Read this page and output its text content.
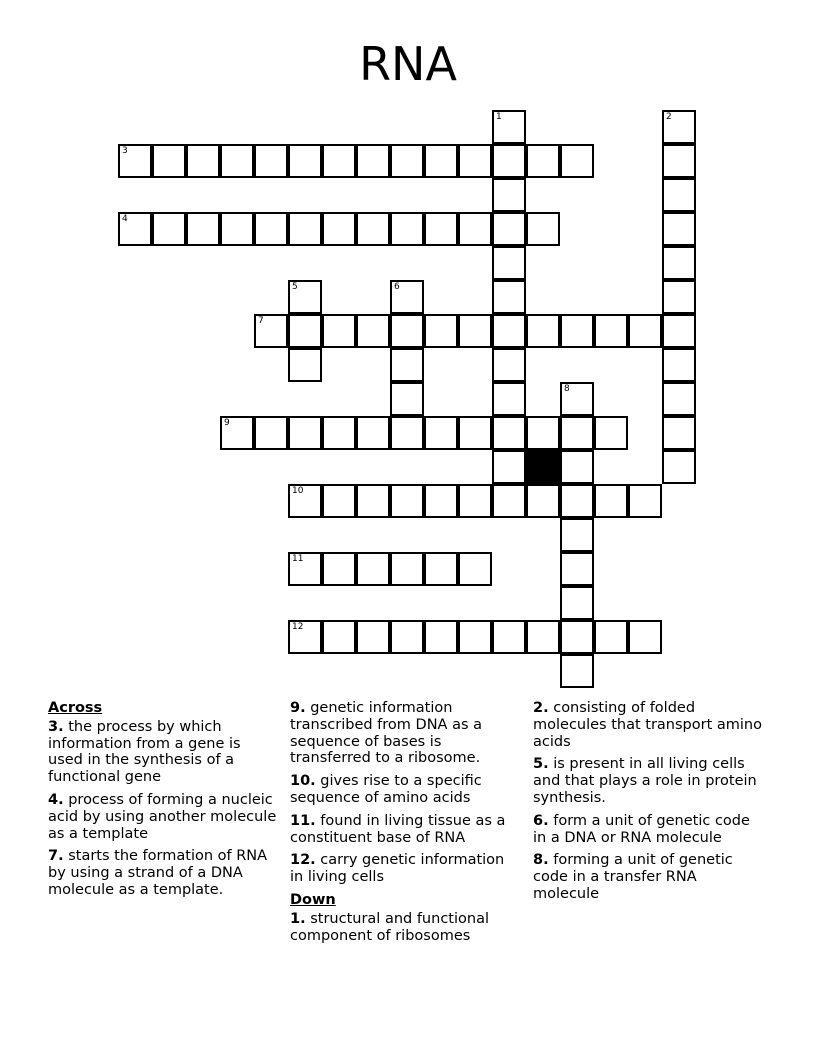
RNA
1	2
3
4
5	6
7
8
9
10
11
12
Across
3. the process by which information from a gene is used in the synthesis of a functional gene
4. process of forming a nucleic acid by using another molecule as a template
7. starts the formation of RNA by using a strand of a DNA molecule as a template.
9. genetic information transcribed from DNA as a sequence of bases is transferred to a ribosome.
10. gives rise to a specific sequence of amino acids
11. found in living tissue as a constituent base of RNA
12. carry genetic information in living cells
Down
1. structural and functional component of ribosomes
2. consisting of folded molecules that transport amino acids
5. is present in all living cells and that plays a role in protein synthesis.
6. form a unit of genetic code in a DNA or RNA molecule
8. forming a unit of genetic code in a transfer RNA molecule
